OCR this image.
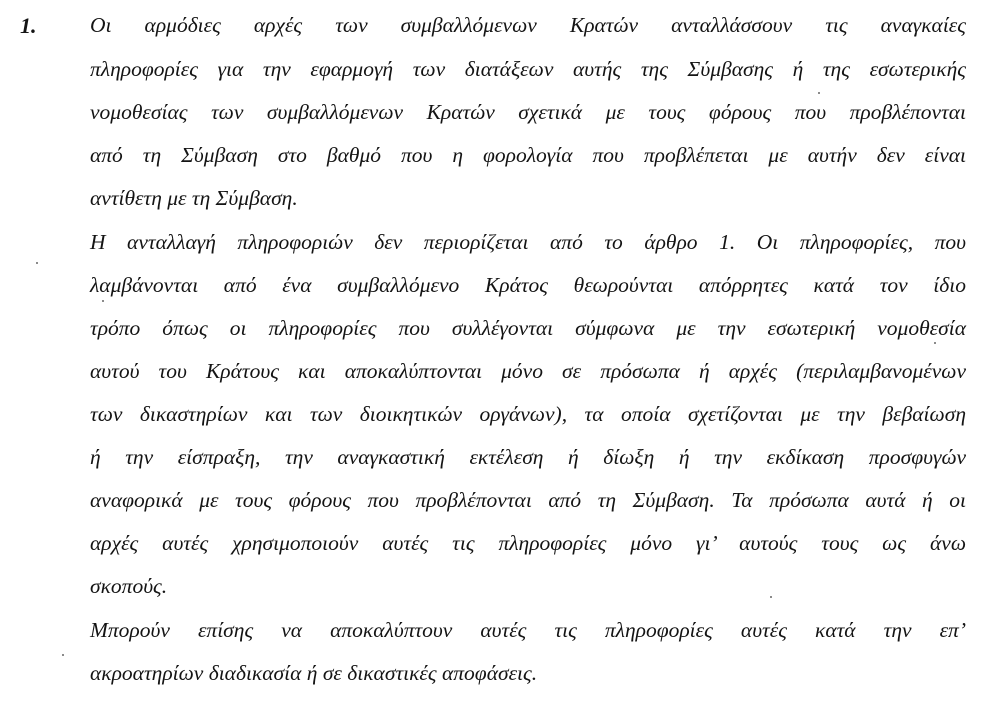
1. Οι αρμόδιες αρχές των συμβαλλόμενων Κρατών ανταλλάσσουν τις αναγκαίες
πληροφορίες για την εφαρμογή των διατάξεων αυτής της Σύμβασης ή της εσωτερικής
νομοθεσίας των συμβαλλόμενων Κρατών σχετικά με τους φόρους που προβλέπονται
από τη Σύμβαση στο βαθμό που η φορολογία που προβλέπεται με αυτήν δεν είναι
αντίθετη με τη Σύμβαση.
Η ανταλλαγή πληροφοριών δεν περιορίζεται από το άρθρο 1. Οι πληροφορίες, που
λαμβάνονται από ένα συμβαλλόμενο Κράτος θεωρούνται απόρρητες κατά τον ίδιο
τρόπο όπως οι πληροφορίες που συλλέγονται σύμφωνα με την εσωτερική νομοθεσία
αυτού του Κράτους και αποκαλύπτονται μόνο σε πρόσωπα ή αρχές (περιλαμβανομένων
των δικαστηρίων και των διοικητικών οργάνων), τα οποία σχετίζονται με την βεβαίωση
ή την είσπραξη, την αναγκαστική εκτέλεση ή δίωξη ή την εκδίκαση προσφυγών
αναφορικά με τους φόρους που προβλέπονται από τη Σύμβαση. Τα πρόσωπα αυτά ή οι
αρχές αυτές χρησιμοποιούν αυτές τις πληροφορίες μόνο γι’ αυτούς τους ως άνω
σκοπούς.
Μπορούν επίσης να αποκαλύπτουν αυτές τις πληροφορίες αυτές κατά την επ’
ακροατηρίων διαδικασία ή σε δικαστικές αποφάσεις.
